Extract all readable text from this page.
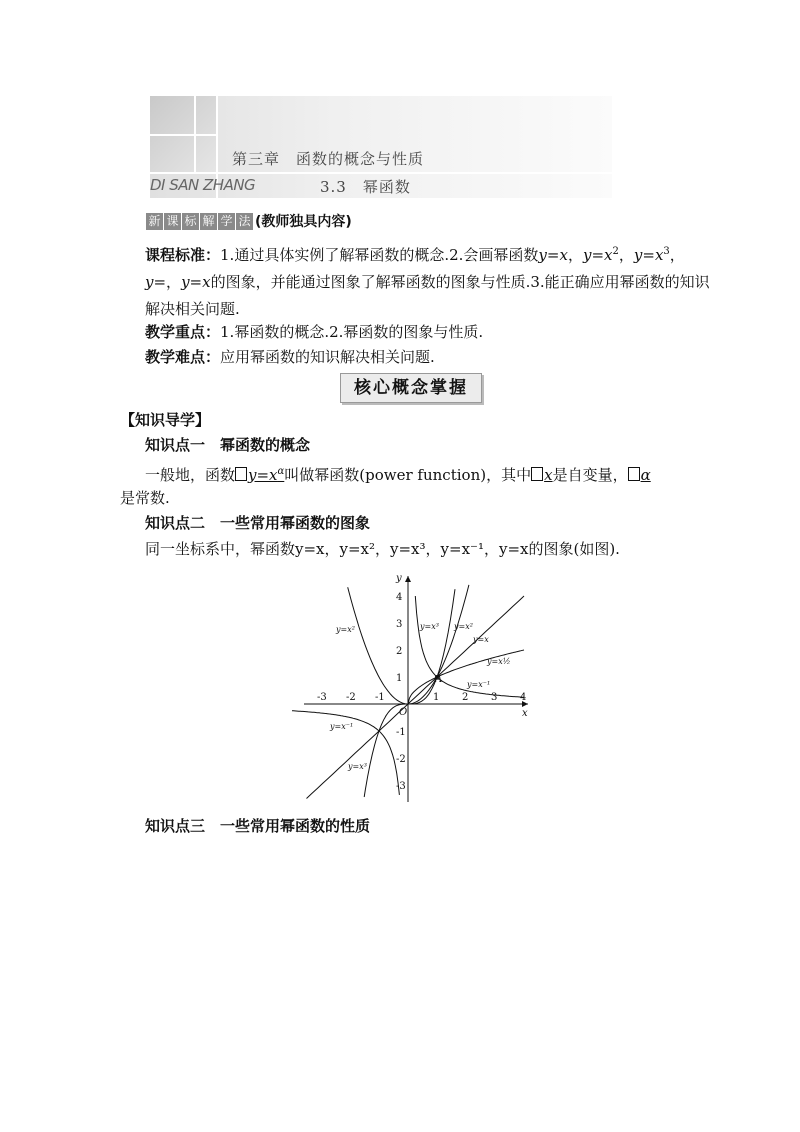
第三章　函数的概念与性质
3.3　幂函数
DI SAN ZHANG
新 课 标 解 学 法 (教师独具内容)
课程标准：1.通过具体实例了解幂函数的概念.2.会画幂函数y=x，$y=x^2$，$y=x^3$，y=，y=x的图象，并能通过图象了解幂函数的图象与性质.3.能正确应用幂函数的知识解决相关问题.
教学重点：1.幂函数的概念.2.幂函数的图象与性质.
教学难点：应用幂函数的知识解决相关问题.
核心概念掌握
【知识导学】
知识点一　幂函数的概念
一般地，函数 $y=x^\alpha$叫做幂函数(power function)，其中 x是自变量， α
是常数.
知识点二　一些常用幂函数的图象
同一坐标系中，幂函数y=x，y=x²，y=x³，y=x⁻¹，y=x的图象(如图).
x
y
O
A
-3 -2 -1	1 2 3 4
4
3
2
1
-1
-2
-3
y=x²	y=x³ y=x²
y=x
y=x½
y=x⁻¹
y=x⁻¹
y=x³
知识点三　一些常用幂函数的性质
